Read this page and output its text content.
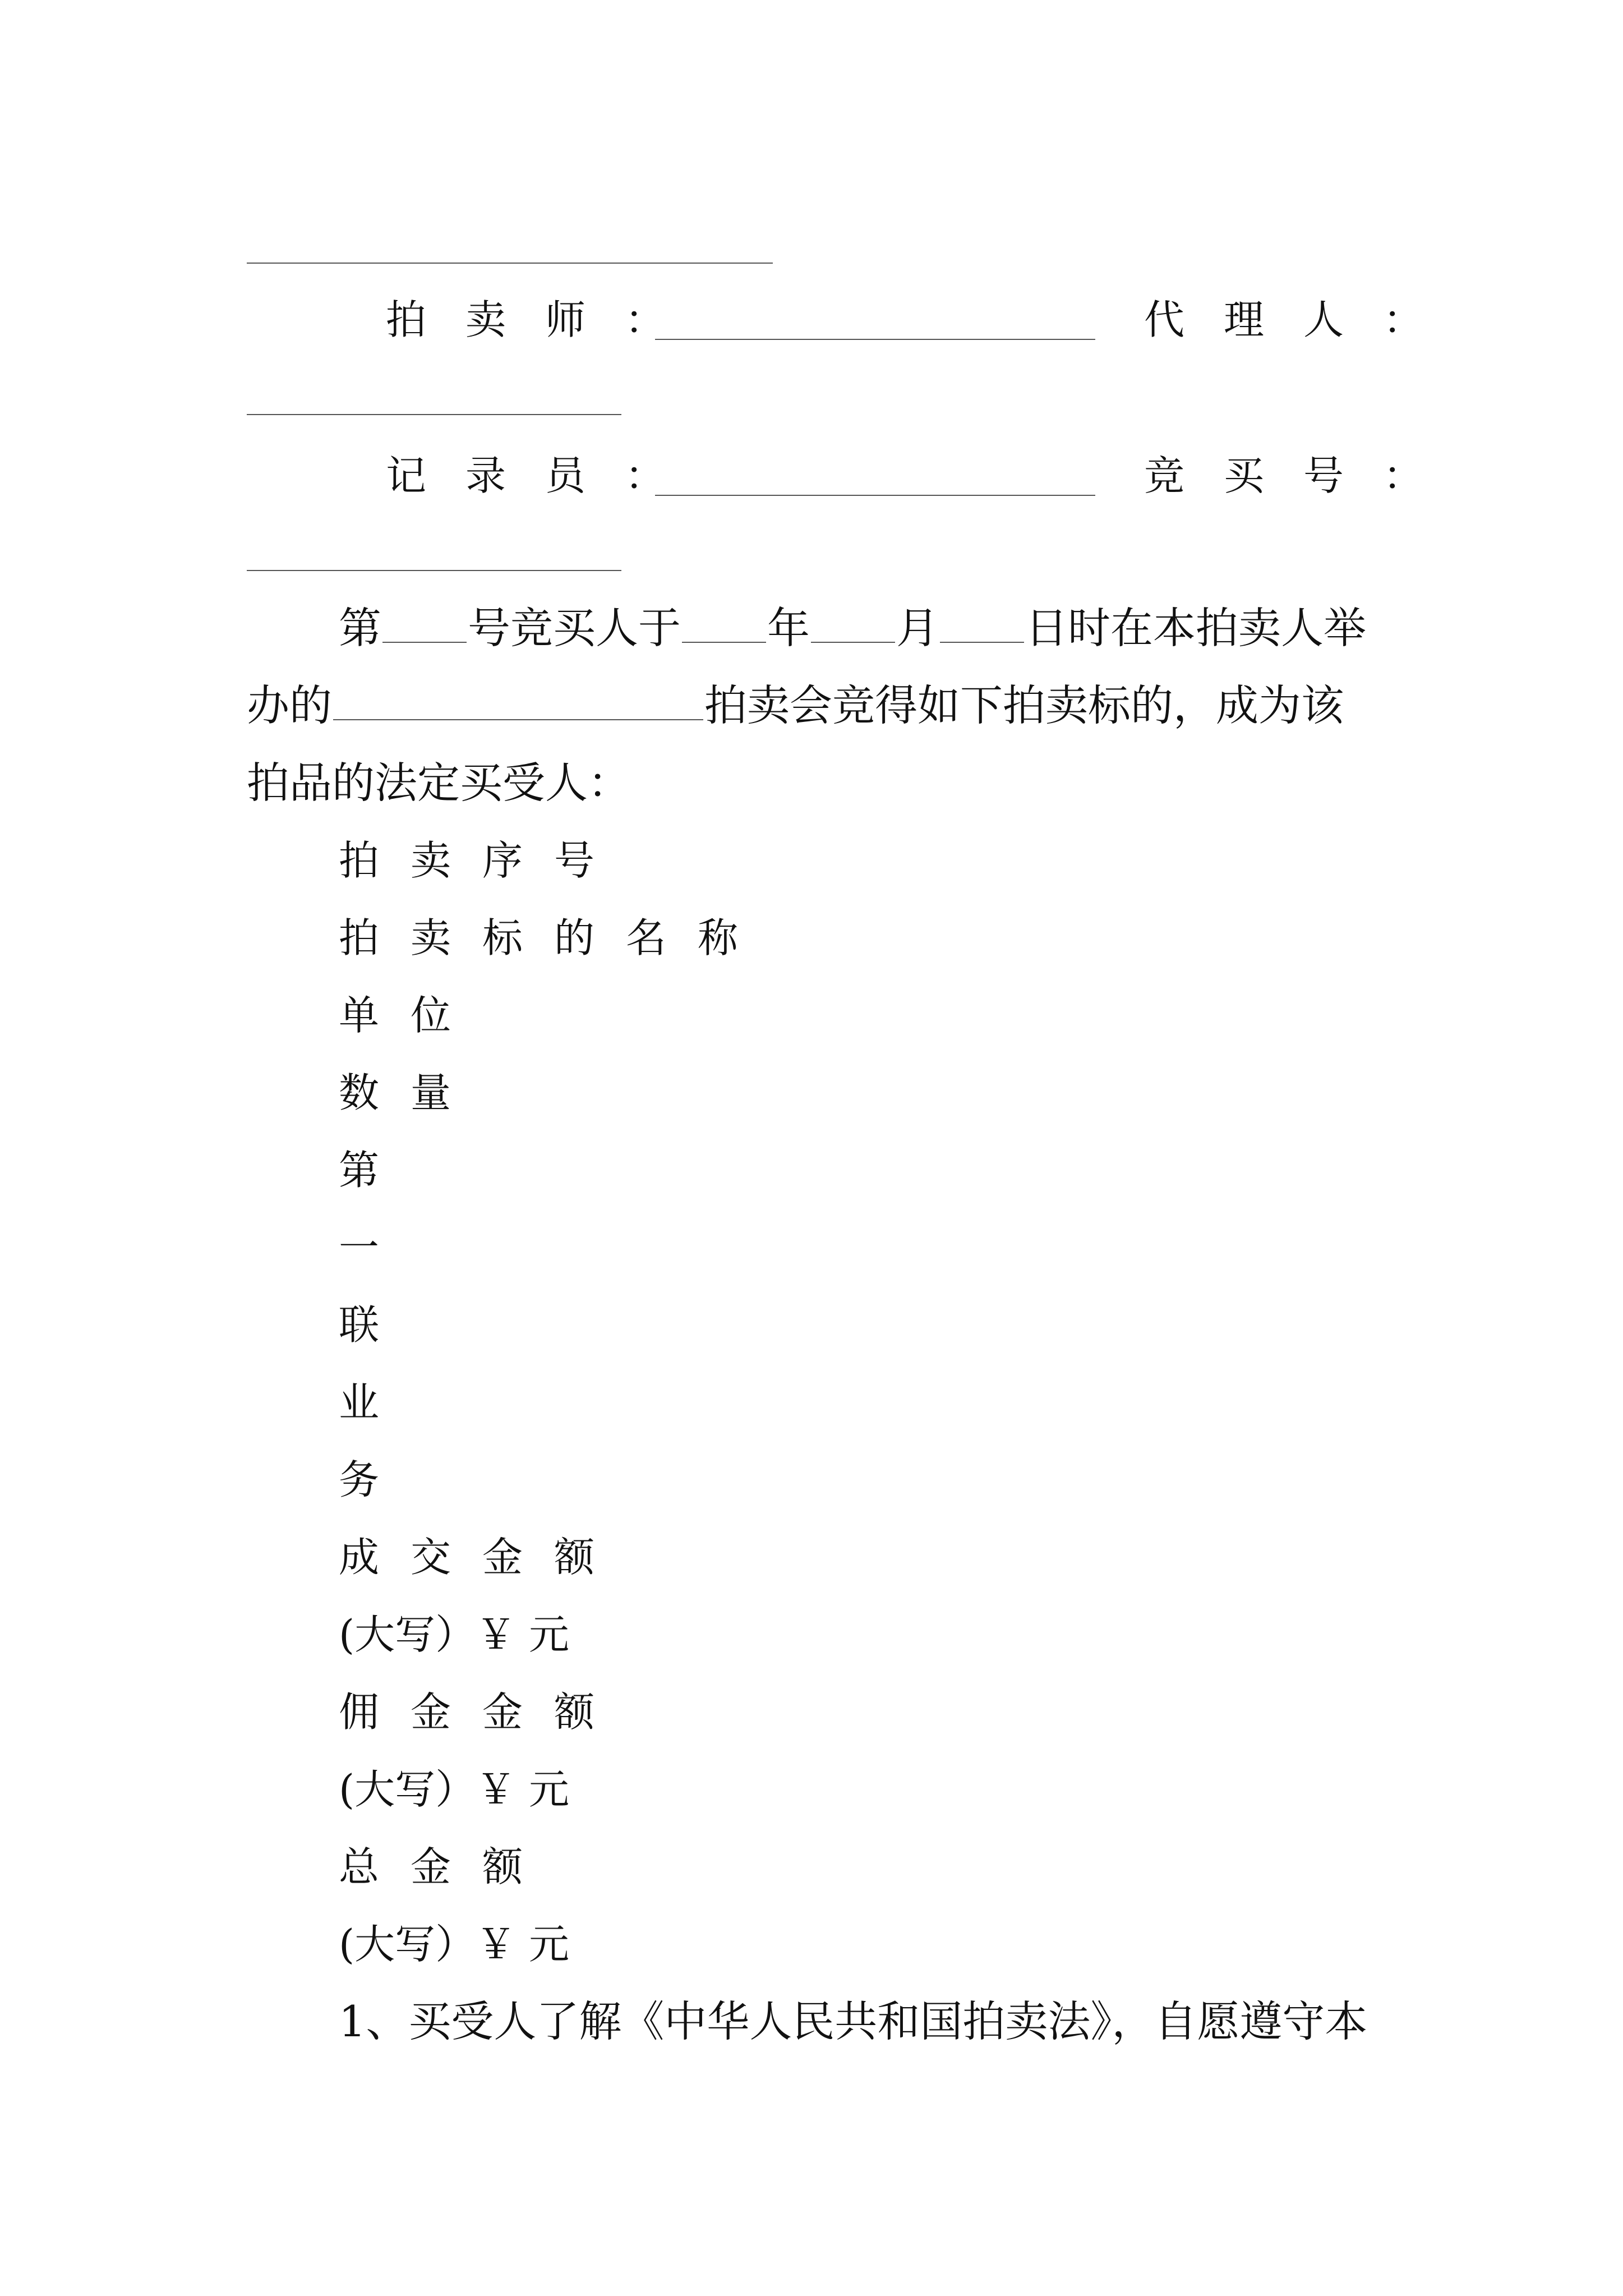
拍卖师：	代理人：
记录员：	竞买号：
第 号竞买人于 年 月 日时在本拍卖人举
办的	拍卖会竞得如下拍卖标的，成为该
拍品的法定买受人：
拍卖序号
拍卖标的名称
单位
数量
第
一
联
业
务
成交金额
(大写）￥ 元
佣金金额
(大写）￥ 元
总金额
(大写）￥ 元
1、买受人了解《中华人民共和国拍卖法》，自愿遵守本
